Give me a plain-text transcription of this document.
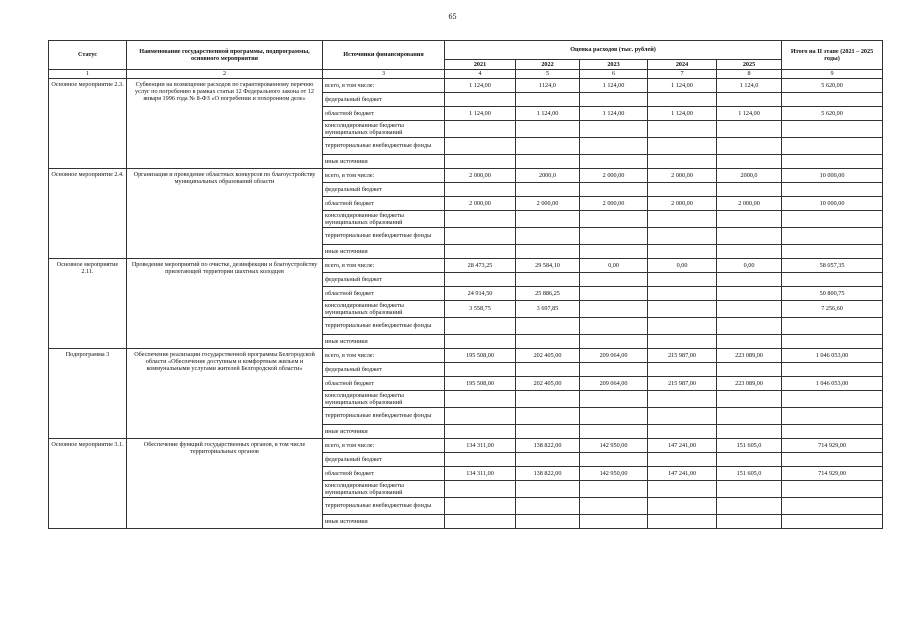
65
Статус	Наименование государственной программы, подпрограммы, основного мероприятия	Источники финансирования	Оценка расходов (тыс. рублей)					Итого на II этапе (2021 – 2025 годы)
			2021	2022	2023	2024	2025	
1	2	3	4	5	6	7	8	9
Основное мероприятие 2.3.	Субвенции на возмещение расходов по гарантированному перечню услуг по погребению в рамках статьи 12 Федерального закона от 12 января 1996 года № 8-ФЗ «О погребении и похоронном деле»	всего, в том числе:	1 124,00	1124,0	1 124,00	1 124,00	1 124,0	5 620,00
		федеральный бюджет						
		областной бюджет	1 124,00	1 124,00	1 124,00	1 124,00	1 124,00	5 620,00
		консолидированные бюджеты муниципальных образований						
		территориальные внебюджетные фонды						
		иные источники						
Основное мероприятие 2.4.	Организация и проведение областных конкурсов по благоустройству муниципальных образований области	всего, в том числе:	2 000,00	2000,0	2 000,00	2 000,00	2000,0	10 000,00
		федеральный бюджет						
		областной бюджет	2 000,00	2 000,00	2 000,00	2 000,00	2 000,00	10 000,00
		консолидированные бюджеты муниципальных образований						
		территориальные внебюджетные фонды						
		иные источники						
Основное мероприятие 2.11.	Проведение мероприятий по очистке, дезинфекции и благоустройству прилегающей территории шахтных колодцев	всего, в том числе:	28 473,25	29 584,10	0,00	0,00	0,00	58 057,35
		федеральный бюджет						
		областной бюджет	24 914,50	25 886,25				50 800,75
		консолидированные бюджеты муниципальных образований	3 558,75	3 697,85				7 256,60
		территориальные внебюджетные фонды						
		иные источники						
Подпрограмма 3	Обеспечение реализации государственной программы Белгородской области «Обеспечение доступным и комфортным жильем и коммунальными услугами жителей Белгородской области»	всего, в том числе:	195 508,00	202 405,00	209 064,00	215 987,00	223 089,00	1 046 053,00
		федеральный бюджет						
		областной бюджет	195 508,00	202 405,00	209 064,00	215 987,00	223 089,00	1 046 053,00
		консолидированные бюджеты муниципальных образований						
		территориальные внебюджетные фонды						
		иные источники						
Основное мероприятие 3.1.	Обеспечение функций государственных органов, в том числе территориальных органов	всего, в том числе:	134 311,00	138 822,00	142 950,00	147 241,00	151 605,0	714 929,00
		федеральный бюджет						
		областной бюджет	134 311,00	138 822,00	142 950,00	147 241,00	151 605,0	714 929,00
		консолидированные бюджеты муниципальных образований						
		территориальные внебюджетные фонды						
		иные источники						
